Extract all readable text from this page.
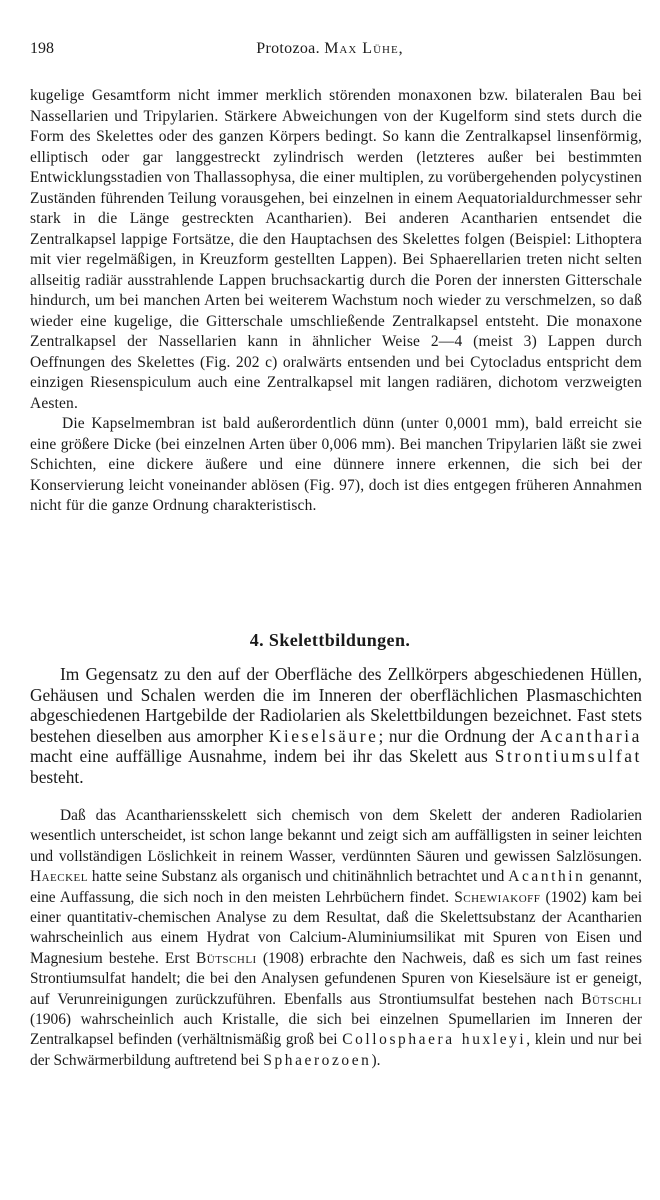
198	Protozoa. Max Lühe,

kugelige Gesamtform nicht immer merklich störenden monaxonen bzw. bilateralen Bau bei Nassellarien und Tripylarien. Stärkere Abweichungen von der Kugelform sind stets durch die Form des Skelettes oder des ganzen Körpers bedingt. So kann die Zentralkapsel linsenförmig, elliptisch oder gar langgestreckt zylindrisch werden (letzteres außer bei bestimmten Entwicklungsstadien von Thallassophysa, die einer multiplen, zu vorübergehenden polycystinen Zuständen führenden Teilung vorausgehen, bei einzelnen in einem Aequatorialdurchmesser sehr stark in die Länge gestreckten Acantharien). Bei anderen Acantharien entsendet die Zentralkapsel lappige Fortsätze, die den Hauptachsen des Skelettes folgen (Beispiel: Lithoptera mit vier regelmäßigen, in Kreuzform gestellten Lappen). Bei Sphaerellarien treten nicht selten allseitig radiär ausstrahlende Lappen bruchsackartig durch die Poren der innersten Gitterschale hindurch, um bei manchen Arten bei weiterem Wachstum noch wieder zu verschmelzen, so daß wieder eine kugelige, die Gitterschale umschließende Zentralkapsel entsteht. Die monaxone Zentralkapsel der Nassellarien kann in ähnlicher Weise 2—4 (meist 3) Lappen durch Oeffnungen des Skelettes (Fig. 202 c) oralwärts entsenden und bei Cytocladus entspricht dem einzigen Riesenspiculum auch eine Zentralkapsel mit langen radiären, dichotom verzweigten Aesten.

Die Kapselmembran ist bald außerordentlich dünn (unter 0,0001 mm), bald erreicht sie eine größere Dicke (bei einzelnen Arten über 0,006 mm). Bei manchen Tripylarien läßt sie zwei Schichten, eine dickere äußere und eine dünnere innere erkennen, die sich bei der Konservierung leicht voneinander ablösen (Fig. 97), doch ist dies entgegen früheren Annahmen nicht für die ganze Ordnung charakteristisch.

4. Skelettbildungen.

Im Gegensatz zu den auf der Oberfläche des Zellkörpers abgeschiedenen Hüllen, Gehäusen und Schalen werden die im Inneren der oberflächlichen Plasmaschichten abgeschiedenen Hartgebilde der Radiolarien als Skelettbildungen bezeichnet. Fast stets bestehen dieselben aus amorpher Kieselsäure; nur die Ordnung der Acantharia macht eine auffällige Ausnahme, indem bei ihr das Skelett aus Strontiumsulfat besteht.

Daß das Acanthariensskelett sich chemisch von dem Skelett der anderen Radiolarien wesentlich unterscheidet, ist schon lange bekannt und zeigt sich am auffälligsten in seiner leichten und vollständigen Löslichkeit in reinem Wasser, verdünnten Säuren und gewissen Salzlösungen. Haeckel hatte seine Substanz als organisch und chitinähnlich betrachtet und Acanthin genannt, eine Auffassung, die sich noch in den meisten Lehrbüchern findet. Schewiakoff (1902) kam bei einer quantitativ-chemischen Analyse zu dem Resultat, daß die Skelettsubstanz der Acantharien wahrscheinlich aus einem Hydrat von Calcium-Aluminiumsilikat mit Spuren von Eisen und Magnesium bestehe. Erst Bütschli (1908) erbrachte den Nachweis, daß es sich um fast reines Strontiumsulfat handelt; die bei den Analysen gefundenen Spuren von Kieselsäure ist er geneigt, auf Verunreinigungen zurückzuführen. Ebenfalls aus Strontiumsulfat bestehen nach Bütschli (1906) wahrscheinlich auch Kristalle, die sich bei einzelnen Spumellarien im Inneren der Zentralkapsel befinden (verhältnismäßig groß bei Collosphaera huxleyi, klein und nur bei der Schwärmerbildung auftretend bei Sphaerozoen).
